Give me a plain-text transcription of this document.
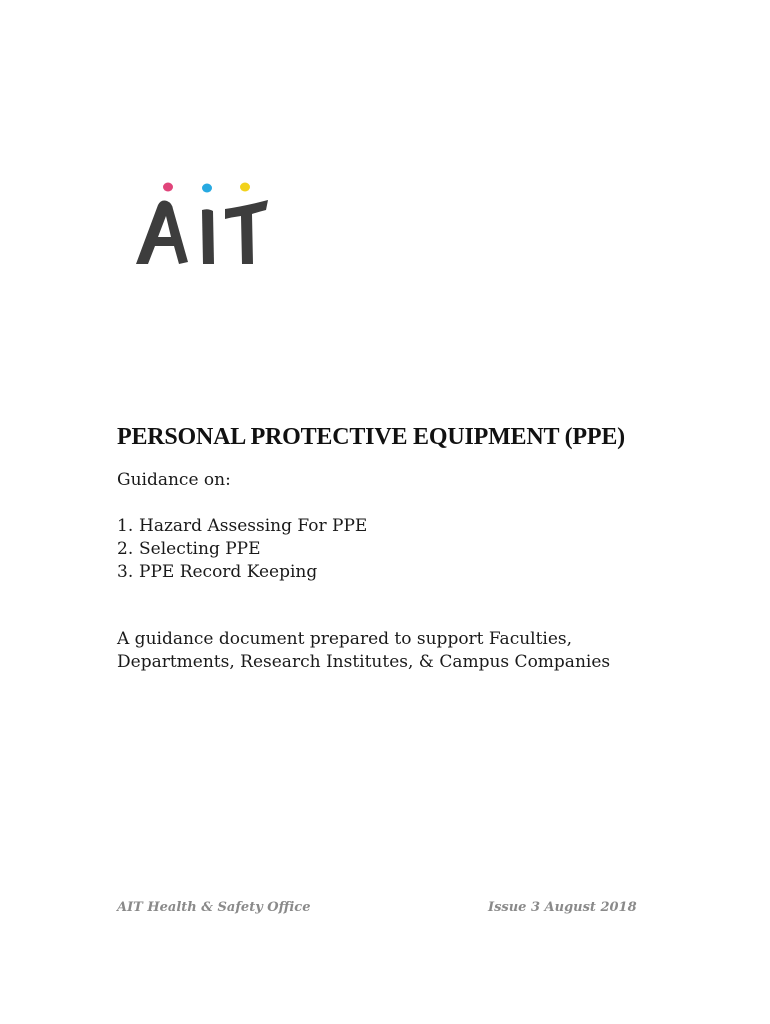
PERSONAL PROTECTIVE EQUIPMENT (PPE)

Guidance on:

1. Hazard Assessing For PPE
2. Selecting PPE
3. PPE Record Keeping

A guidance document prepared to support Faculties, Departments, Research Institutes, & Campus Companies

AIT Health & Safety Office	Issue 3 August 2018
